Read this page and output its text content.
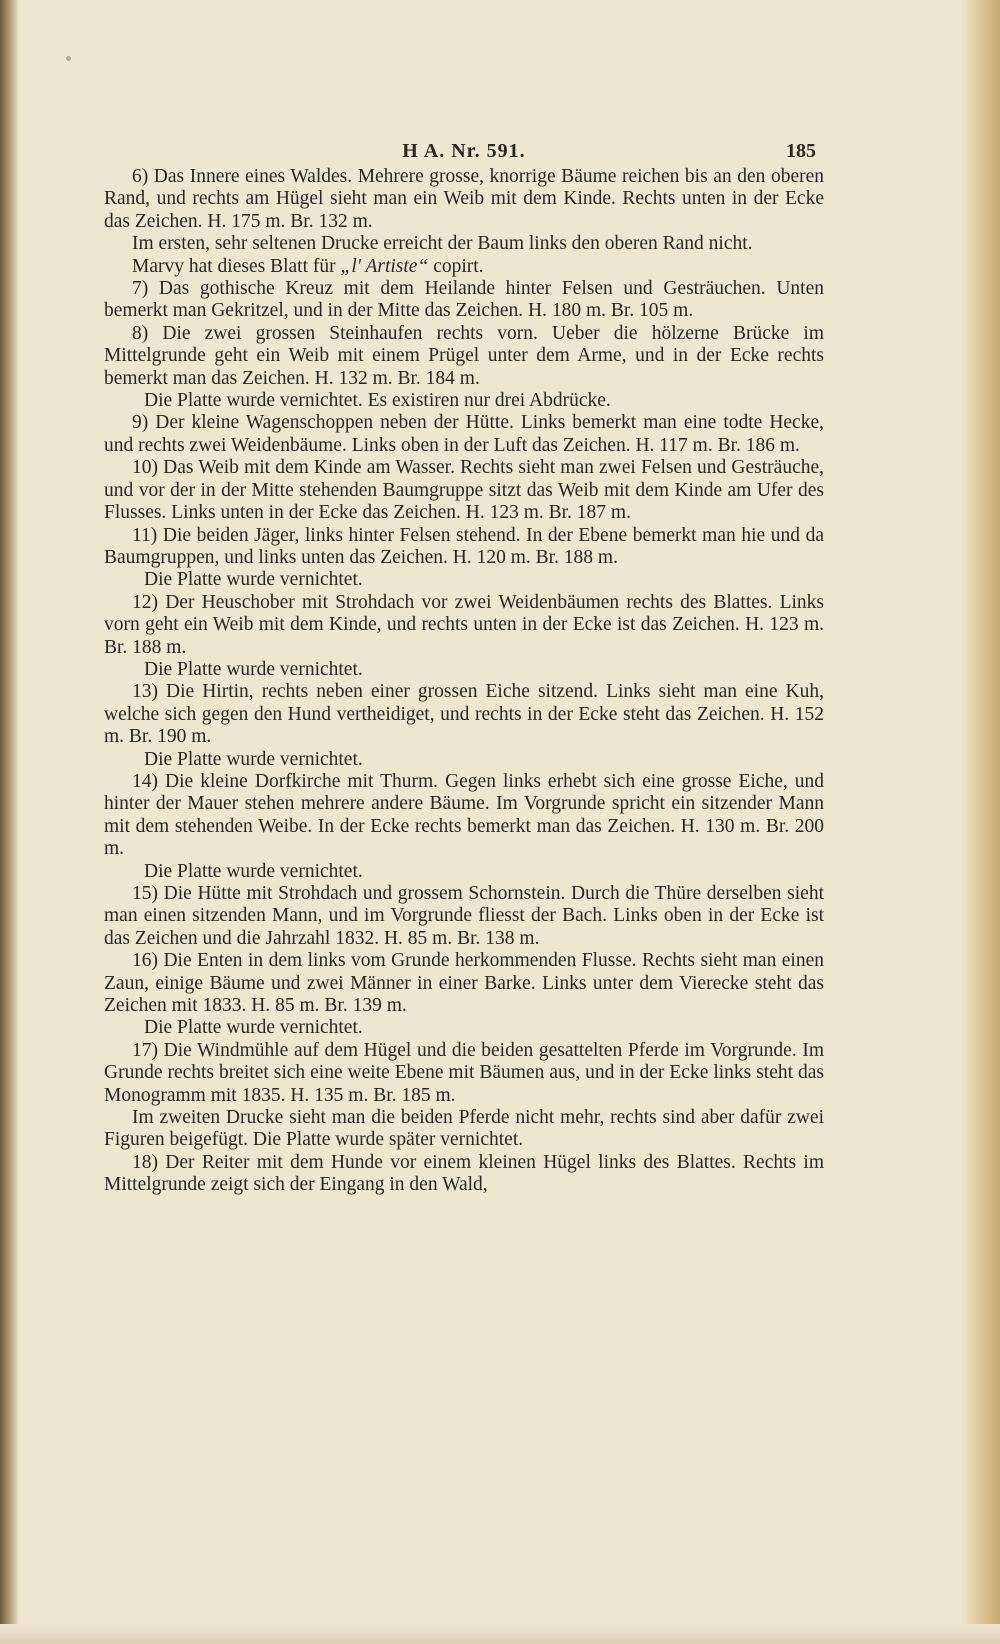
H A. Nr. 591.	185

6) Das Innere eines Waldes. Mehrere grosse, knorrige Bäume reichen bis an den oberen Rand, und rechts am Hügel sieht man ein Weib mit dem Kinde. Rechts unten in der Ecke das Zeichen. H. 175 m. Br. 132 m.

Im ersten, sehr seltenen Drucke erreicht der Baum links den oberen Rand nicht.

Marvy hat dieses Blatt für „l' Artiste“ copirt.

7) Das gothische Kreuz mit dem Heilande hinter Felsen und Gesträuchen. Unten bemerkt man Gekritzel, und in der Mitte das Zeichen. H. 180 m. Br. 105 m.

8) Die zwei grossen Steinhaufen rechts vorn. Ueber die hölzerne Brücke im Mittelgrunde geht ein Weib mit einem Prügel unter dem Arme, und in der Ecke rechts bemerkt man das Zeichen. H. 132 m. Br. 184 m.

Die Platte wurde vernichtet. Es existiren nur drei Abdrücke.

9) Der kleine Wagenschoppen neben der Hütte. Links bemerkt man eine todte Hecke, und rechts zwei Weidenbäume. Links oben in der Luft das Zeichen. H. 117 m. Br. 186 m.

10) Das Weib mit dem Kinde am Wasser. Rechts sieht man zwei Felsen und Gesträuche, und vor der in der Mitte stehenden Baumgruppe sitzt das Weib mit dem Kinde am Ufer des Flusses. Links unten in der Ecke das Zeichen. H. 123 m. Br. 187 m.

11) Die beiden Jäger, links hinter Felsen stehend. In der Ebene bemerkt man hie und da Baumgruppen, und links unten das Zeichen. H. 120 m. Br. 188 m.

Die Platte wurde vernichtet.

12) Der Heuschober mit Strohdach vor zwei Weidenbäumen rechts des Blattes. Links vorn geht ein Weib mit dem Kinde, und rechts unten in der Ecke ist das Zeichen. H. 123 m. Br. 188 m.

Die Platte wurde vernichtet.

13) Die Hirtin, rechts neben einer grossen Eiche sitzend. Links sieht man eine Kuh, welche sich gegen den Hund vertheidiget, und rechts in der Ecke steht das Zeichen. H. 152 m. Br. 190 m.

Die Platte wurde vernichtet.

14) Die kleine Dorfkirche mit Thurm. Gegen links erhebt sich eine grosse Eiche, und hinter der Mauer stehen mehrere andere Bäume. Im Vorgrunde spricht ein sitzender Mann mit dem stehenden Weibe. In der Ecke rechts bemerkt man das Zeichen. H. 130 m. Br. 200 m.

Die Platte wurde vernichtet.

15) Die Hütte mit Strohdach und grossem Schornstein. Durch die Thüre derselben sieht man einen sitzenden Mann, und im Vorgrunde fliesst der Bach. Links oben in der Ecke ist das Zeichen und die Jahrzahl 1832. H. 85 m. Br. 138 m.

16) Die Enten in dem links vom Grunde herkommenden Flusse. Rechts sieht man einen Zaun, einige Bäume und zwei Männer in einer Barke. Links unter dem Vierecke steht das Zeichen mit 1833. H. 85 m. Br. 139 m.

Die Platte wurde vernichtet.

17) Die Windmühle auf dem Hügel und die beiden gesattelten Pferde im Vorgrunde. Im Grunde rechts breitet sich eine weite Ebene mit Bäumen aus, und in der Ecke links steht das Monogramm mit 1835. H. 135 m. Br. 185 m.

Im zweiten Drucke sieht man die beiden Pferde nicht mehr, rechts sind aber dafür zwei Figuren beigefügt. Die Platte wurde später vernichtet.

18) Der Reiter mit dem Hunde vor einem kleinen Hügel links des Blattes. Rechts im Mittelgrunde zeigt sich der Eingang in den Wald,
